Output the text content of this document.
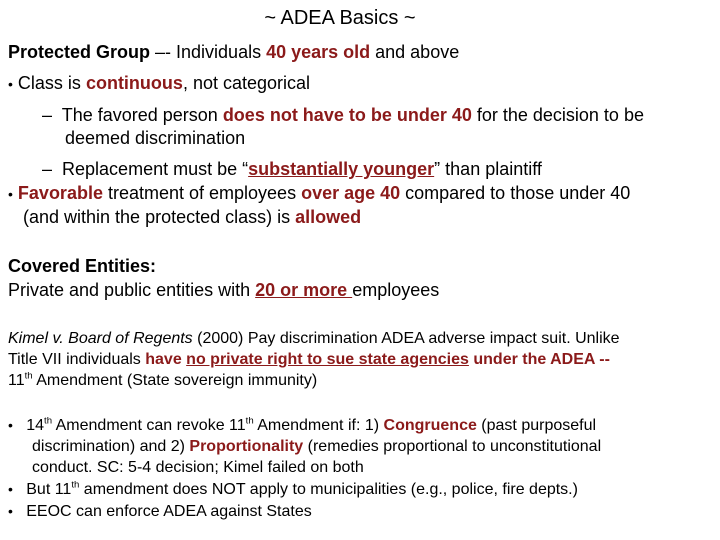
~ ADEA Basics ~
Protected Group –- Individuals 40 years old and above
• Class is continuous, not categorical
– The favored person does not have to be under 40 for the decision to be
deemed discrimination
– Replacement must be “substantially younger” than plaintiff
• Favorable treatment of employees over age 40 compared to those under 40
(and within the protected class) is allowed
Covered Entities:
Private and public entities with 20 or more employees
Kimel v. Board of Regents (2000) Pay discrimination ADEA adverse impact suit. Unlike
Title VII individuals have no private right to sue state agencies under the ADEA --
11th Amendment (State sovereign immunity)
• 14th Amendment can revoke 11th Amendment if: 1) Congruence (past purposeful
discrimination) and 2) Proportionality (remedies proportional to unconstitutional
conduct. SC: 5-4 decision; Kimel failed on both
• But 11th amendment does NOT apply to municipalities (e.g., police, fire depts.)
• EEOC can enforce ADEA against States
